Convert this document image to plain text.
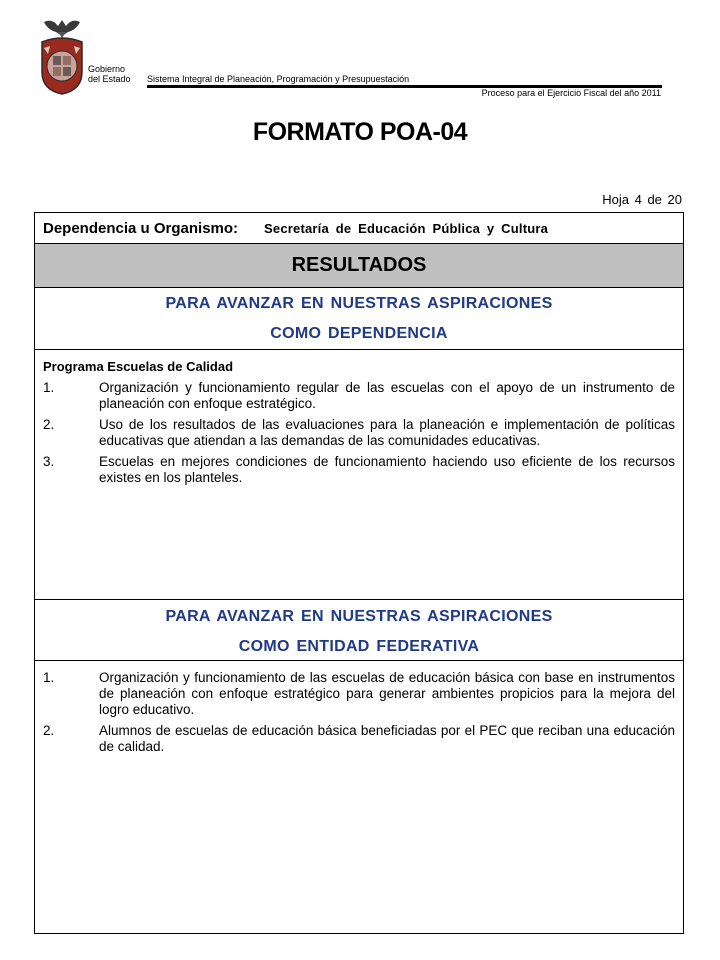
Gobierno
del Estado Sistema Integral de Planeación, Programación y Presupuestación
Proceso para el Ejercicio Fiscal del año 2011
FORMATO POA-04
Hoja 4 de 20
Dependencia u Organismo: Secretaría de Educación Pública y Cultura
RESULTADOS
PARA AVANZAR EN NUESTRAS ASPIRACIONES
COMO DEPENDENCIA
Programa Escuelas de Calidad
1.	Organización y funcionamiento regular de las escuelas con el apoyo de un instrumento de planeación con enfoque estratégico.
2.	Uso de los resultados de las evaluaciones para la planeación e implementación de políticas educativas que atiendan a las demandas de las comunidades educativas.
3.	Escuelas en mejores condiciones de funcionamiento haciendo uso eficiente de los recursos existes en los planteles.
PARA AVANZAR EN NUESTRAS ASPIRACIONES
COMO ENTIDAD FEDERATIVA
1.	Organización y funcionamiento de las escuelas de educación básica con base en instrumentos de planeación con enfoque estratégico para generar ambientes propicios para la mejora del logro educativo.
2.	Alumnos de escuelas de educación básica beneficiadas por el PEC que reciban una educación de calidad.
